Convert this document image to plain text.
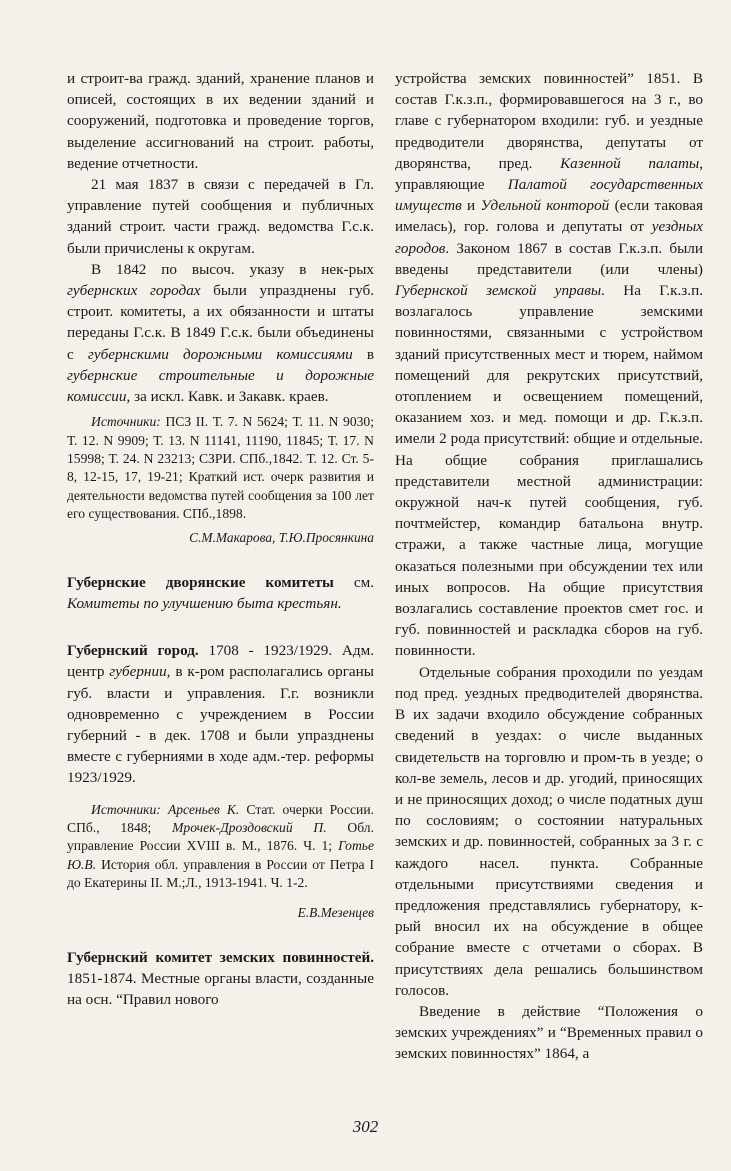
и строит-ва гражд. зданий, хранение планов и описей, состоящих в их ведении зданий и сооружений, подготовка и проведение торгов, выделение ассигнований на строит. работы, ведение отчетности.

21 мая 1837 в связи с передачей в Гл. управление путей сообщения и публичных зданий строит. части гражд. ведомства Г.с.к. были причислены к округам.

В 1842 по высоч. указу в нек-рых губернских городах были упразднены губ. строит. комитеты, а их обязанности и штаты переданы Г.с.к. В 1849 Г.с.к. были объединены с губернскими дорожными комиссиями в губернские строительные и дорожные комиссии, за искл. Кавк. и Закавк. краев.

Источники: ПСЗ II. Т. 7. N 5624; Т. 11. N 9030; Т. 12. N 9909; Т. 13. N 11141, 11190, 11845; Т. 17. N 15998; Т. 24. N 23213; СЗРИ. СПб.,1842. Т. 12. Ст. 5-8, 12-15, 17, 19-21; Краткий ист. очерк развития и деятельности ведомства путей сообщения за 100 лет его существования. СПб.,1898.

С.М.Макарова, Т.Ю.Просянкина

Губернские дворянские комитеты см. Комитеты по улучшению быта крестьян.

Губернский город. 1708 - 1923/1929. Адм. центр губернии, в к-ром располагались органы губ. власти и управления. Г.г. возникли одновременно с учреждением в России губерний - в дек. 1708 и были упразднены вместе с губерниями в ходе адм.-тер. реформы 1923/1929.

Источники: Арсеньев К. Стат. очерки России. СПб., 1848; Мрочек-Дроздовский П. Обл. управление России XVIII в. М., 1876. Ч. 1; Готье Ю.В. История обл. управления в России от Петра I до Екатерины II. М.;Л., 1913-1941. Ч. 1-2.

Е.В.Мезенцев

Губернский комитет земских повинностей. 1851-1874. Местные органы власти, созданные на осн. “Правил нового

устройства земских повинностей” 1851. В состав Г.к.з.п., формировавшегося на 3 г., во главе с губернатором входили: губ. и уездные предводители дворянства, депутаты от дворянства, пред. Казенной палаты, управляющие Палатой государственных имуществ и Удельной конторой (если таковая имелась), гор. голова и депутаты от уездных городов. Законом 1867 в состав Г.к.з.п. были введены представители (или члены) Губернской земской управы. На Г.к.з.п. возлагалось управление земскими повинностями, связанными с устройством зданий присутственных мест и тюрем, наймом помещений для рекрутских присутствий, отоплением и освещением помещений, оказанием хоз. и мед. помощи и др. Г.к.з.п. имели 2 рода присутствий: общие и отдельные. На общие собрания приглашались представители местной администрации: окружной нач-к путей сообщения, губ. почтмейстер, командир батальона внутр. стражи, а также частные лица, могущие оказаться полезными при обсуждении тех или иных вопросов. На общие присутствия возлагались составление проектов смет гос. и губ. повинностей и раскладка сборов на губ. повинности.

Отдельные собрания проходили по уездам под пред. уездных предводителей дворянства. В их задачи входило обсуждение собранных сведений в уездах: о числе выданных свидетельств на торговлю и пром-ть в уезде; о кол-ве земель, лесов и др. угодий, приносящих и не приносящих доход; о числе податных душ по сословиям; о состоянии натуральных земских и др. повинностей, собранных за 3 г. с каждого насел. пункта. Собранные отдельными присутствиями сведения и предложения представлялись губернатору, к-рый вносил их на обсуждение в общее собрание вместе с отчетами о сборах. В присутствиях дела решались большинством голосов.

Введение в действие “Положения о земских учреждениях” и “Временных правил о земских повинностях” 1864, а

302
